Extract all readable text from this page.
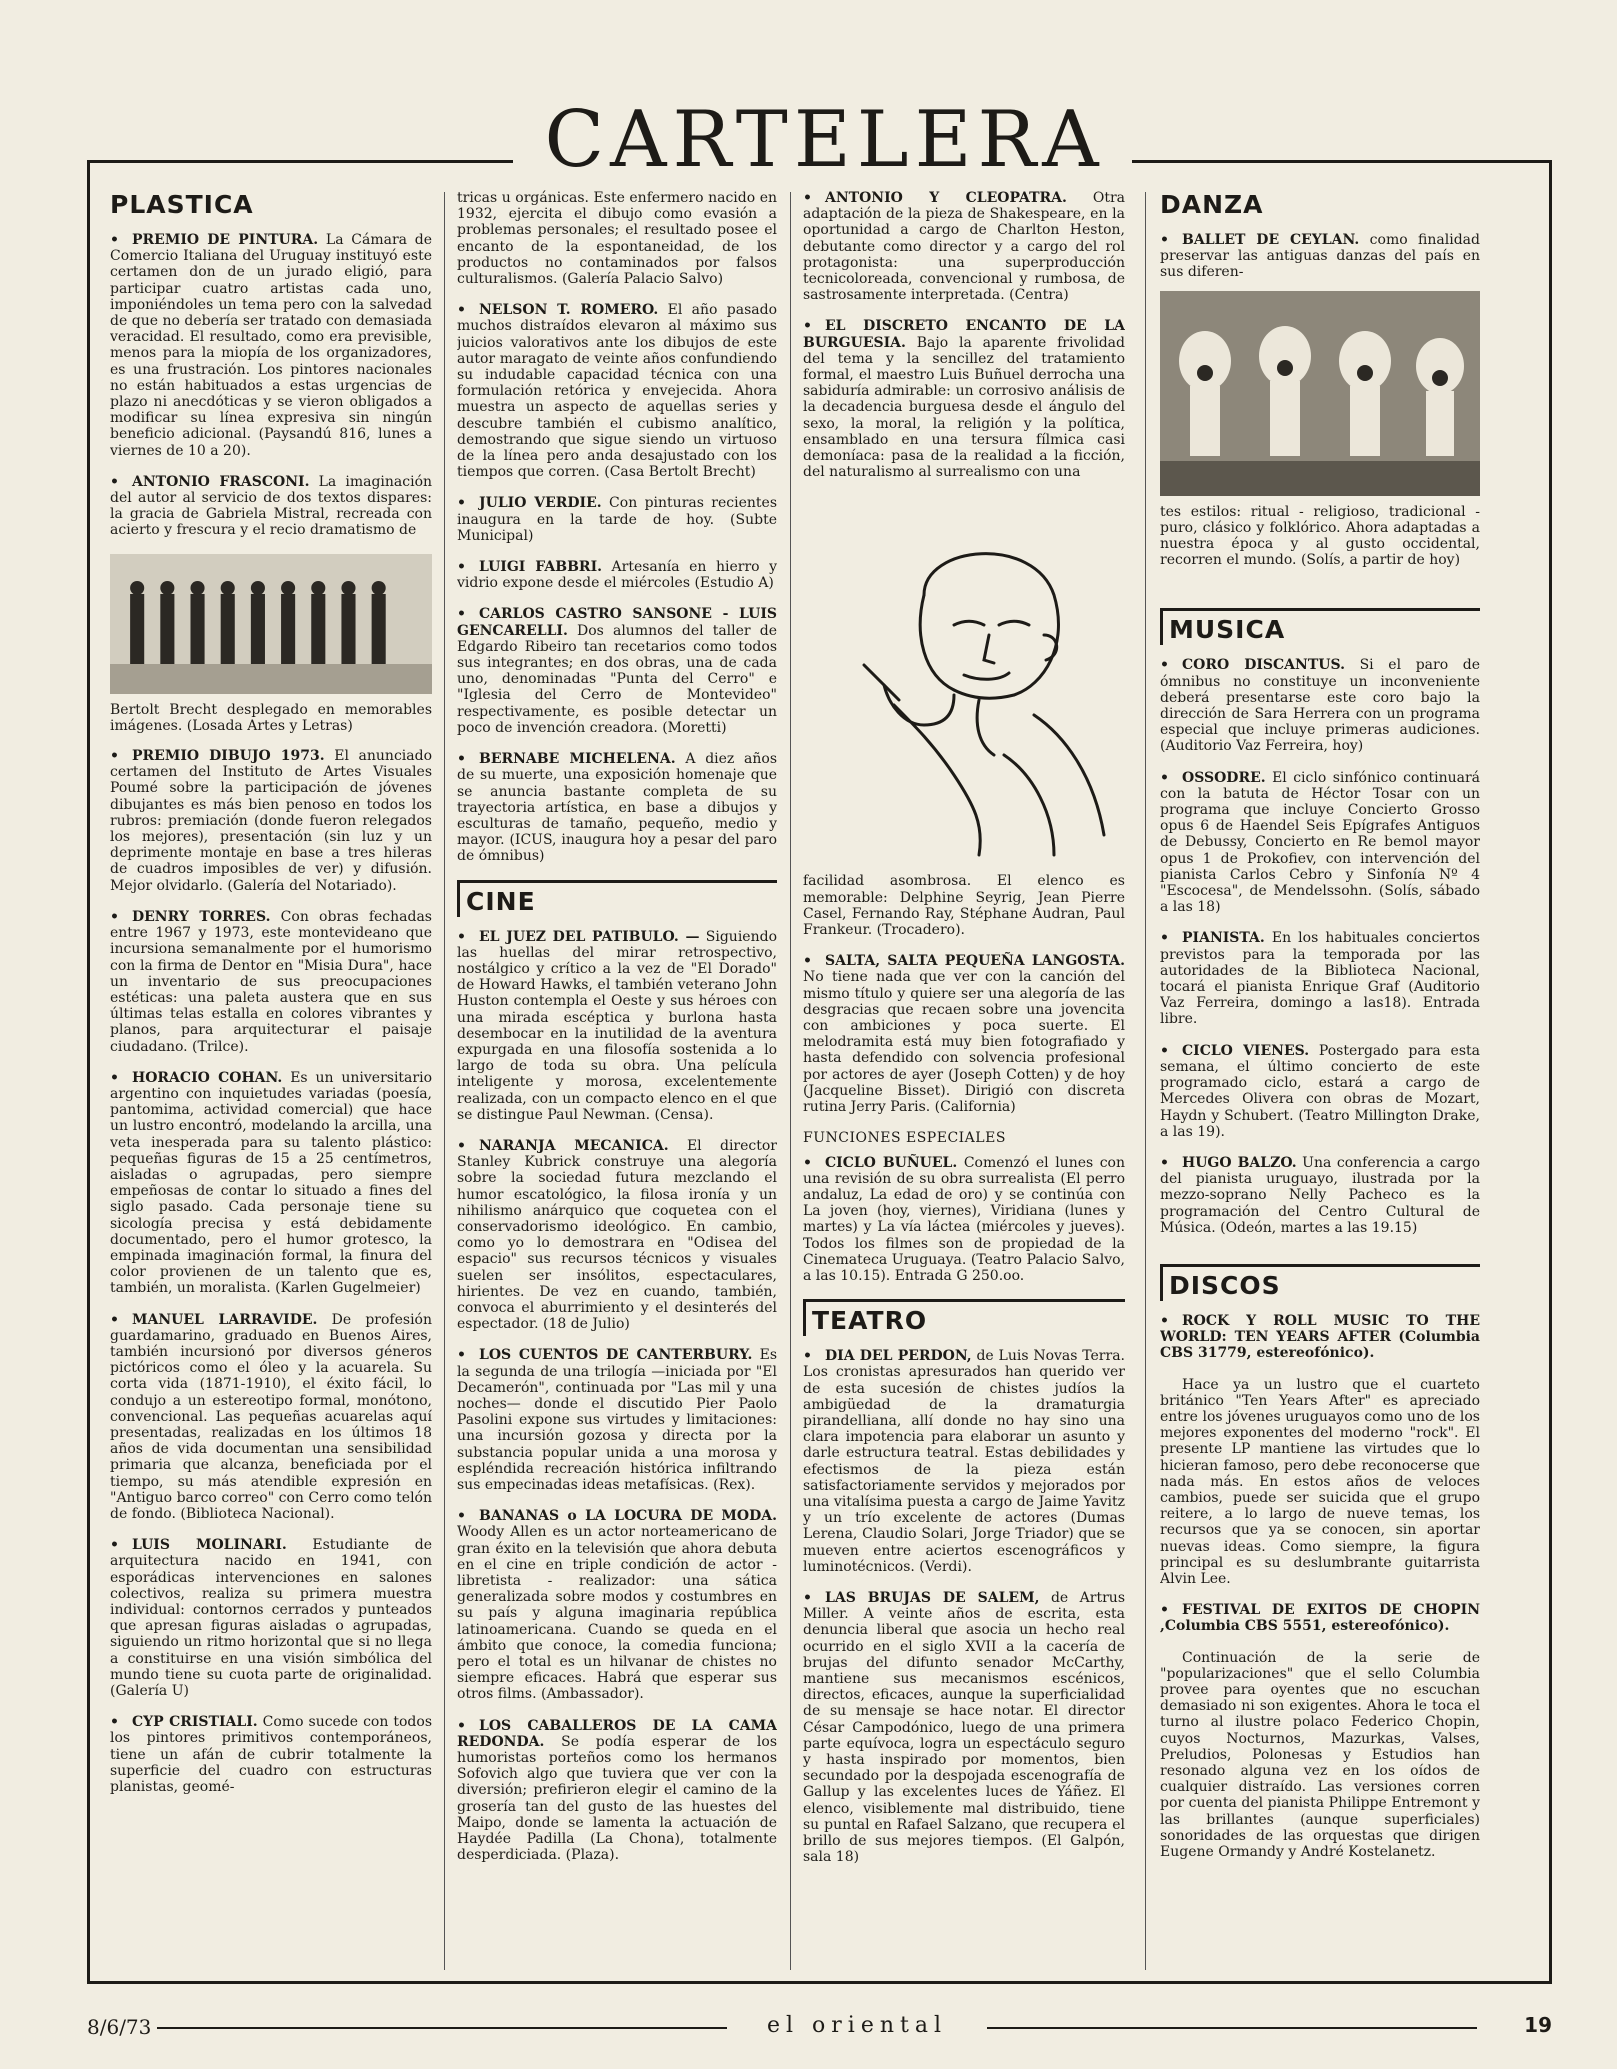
CARTELERA
PLASTICA
• PREMIO DE PINTURA. La Cámara de Comercio Italiana del Uruguay instituyó este certamen don de un jurado eligió, para participar cuatro artistas cada uno, imponiéndoles un tema pero con la salvedad de que no debería ser tratado con demasiada veracidad. El resultado, como era previsible, menos para la miopía de los organizadores, es una frustración. Los pintores nacionales no están habituados a estas urgencias de plazo ni anecdóticas y se vieron obligados a modificar su línea expresiva sin ningún beneficio adicional. (Paysandú 816, lunes a viernes de 10 a 20).
• ANTONIO FRASCONI. La imaginación del autor al servicio de dos textos dispares: la gracia de Gabriela Mistral, recreada con acierto y frescura y el recio dramatismo de
Bertolt Brecht desplegado en memorables imágenes. (Losada Artes y Letras)
• PREMIO DIBUJO 1973. El anunciado certamen del Instituto de Artes Visuales Poumé sobre la participación de jóvenes dibujantes es más bien penoso en todos los rubros: premiación (donde fueron relegados los mejores), presentación (sin luz y un deprimente montaje en base a tres hileras de cuadros imposibles de ver) y difusión. Mejor olvidarlo. (Galería del Notariado).
• DENRY TORRES. Con obras fechadas entre 1967 y 1973, este montevideano que incursiona semanalmente por el humorismo con la firma de Dentor en "Misia Dura", hace un inventario de sus preocupaciones estéticas: una paleta austera que en sus últimas telas estalla en colores vibrantes y planos, para arquitecturar el paisaje ciudadano. (Trilce).
• HORACIO COHAN. Es un universitario argentino con inquietudes variadas (poesía, pantomima, actividad comercial) que hace un lustro encontró, modelando la arcilla, una veta inesperada para su talento plástico: pequeñas figuras de 15 a 25 centímetros, aisladas o agrupadas, pero siempre empeñosas de contar lo situado a fines del siglo pasado. Cada personaje tiene su sicología precisa y está debidamente documentado, pero el humor grotesco, la empinada imaginación formal, la finura del color provienen de un talento que es, también, un moralista. (Karlen Gugelmeier)
• MANUEL LARRAVIDE. De profesión guardamarino, graduado en Buenos Aires, también incursionó por diversos géneros pictóricos como el óleo y la acuarela. Su corta vida (1871-1910), el éxito fácil, lo condujo a un estereotipo formal, monótono, convencional. Las pequeñas acuarelas aquí presentadas, realizadas en los últimos 18 años de vida documentan una sensibilidad primaria que alcanza, beneficiada por el tiempo, su más atendible expresión en "Antiguo barco correo" con Cerro como telón de fondo. (Biblioteca Nacional).
• LUIS MOLINARI. Estudiante de arquitectura nacido en 1941, con esporádicas intervenciones en salones colectivos, realiza su primera muestra individual: contornos cerrados y punteados que apresan figuras aisladas o agrupadas, siguiendo un ritmo horizontal que si no llega a constituirse en una visión simbólica del mundo tiene su cuota parte de originalidad. (Galería U)
• CYP CRISTIALI. Como sucede con todos los pintores primitivos contemporáneos, tiene un afán de cubrir totalmente la superficie del cuadro con estructuras planistas, geomé-
tricas u orgánicas. Este enfermero nacido en 1932, ejercita el dibujo como evasión a problemas personales; el resultado posee el encanto de la espontaneidad, de los productos no contaminados por falsos culturalismos. (Galería Palacio Salvo)
• NELSON T. ROMERO. El año pasado muchos distraídos elevaron al máximo sus juicios valorativos ante los dibujos de este autor maragato de veinte años confundiendo su indudable capacidad técnica con una formulación retórica y envejecida. Ahora muestra un aspecto de aquellas series y descubre también el cubismo analítico, demostrando que sigue siendo un virtuoso de la línea pero anda desajustado con los tiempos que corren. (Casa Bertolt Brecht)
• JULIO VERDIE. Con pinturas recientes inaugura en la tarde de hoy. (Subte Municipal)
• LUIGI FABBRI. Artesanía en hierro y vidrio expone desde el miércoles (Estudio A)
• CARLOS CASTRO SANSONE - LUIS GENCARELLI. Dos alumnos del taller de Edgardo Ribeiro tan recetarios como todos sus integrantes; en dos obras, una de cada uno, denominadas "Punta del Cerro" e "Iglesia del Cerro de Montevideo" respectivamente, es posible detectar un poco de invención creadora. (Moretti)
• BERNABE MICHELENA. A diez años de su muerte, una exposición homenaje que se anuncia bastante completa de su trayectoria artística, en base a dibujos y esculturas de tamaño, pequeño, medio y mayor. (ICUS, inaugura hoy a pesar del paro de ómnibus)
CINE
• EL JUEZ DEL PATIBULO. — Siguiendo las huellas del mirar retrospectivo, nostálgico y crítico a la vez de "El Dorado" de Howard Hawks, el también veterano John Huston contempla el Oeste y sus héroes con una mirada escéptica y burlona hasta desembocar en la inutilidad de la aventura expurgada en una filosofía sostenida a lo largo de toda su obra. Una película inteligente y morosa, excelentemente realizada, con un compacto elenco en el que se distingue Paul Newman. (Censa).
• NARANJA MECANICA. El director Stanley Kubrick construye una alegoría sobre la sociedad futura mezclando el humor escatológico, la filosa ironía y un nihilismo anárquico que coquetea con el conservadorismo ideológico. En cambio, como yo lo demostrara en "Odisea del espacio" sus recursos técnicos y visuales suelen ser insólitos, espectaculares, hirientes. De vez en cuando, también, convoca el aburrimiento y el desinterés del espectador. (18 de Julio)
• LOS CUENTOS DE CANTERBURY. Es la segunda de una trilogía —iniciada por "El Decamerón", continuada por "Las mil y una noches— donde el discutido Pier Paolo Pasolini expone sus virtudes y limitaciones: una incursión gozosa y directa por la substancia popular unida a una morosa y espléndida recreación histórica infiltrando sus empecinadas ideas metafísicas. (Rex).
• BANANAS o LA LOCURA DE MODA. Woody Allen es un actor norteamericano de gran éxito en la televisión que ahora debuta en el cine en triple condición de actor - libretista - realizador: una sática generalizada sobre modos y costumbres en su país y alguna imaginaria república latinoamericana. Cuando se queda en el ámbito que conoce, la comedia funciona; pero el total es un hilvanar de chistes no siempre eficaces. Habrá que esperar sus otros films. (Ambassador).
• LOS CABALLEROS DE LA CAMA REDONDA. Se podía esperar de los humoristas porteños como los hermanos Sofovich algo que tuviera que ver con la diversión; prefirieron elegir el camino de la grosería tan del gusto de las huestes del Maipo, donde se lamenta la actuación de Haydée Padilla (La Chona), totalmente desperdiciada. (Plaza).
• ANTONIO Y CLEOPATRA. Otra adaptación de la pieza de Shakespeare, en la oportunidad a cargo de Charlton Heston, debutante como director y a cargo del rol protagonista: una superproducción tecnicoloreada, convencional y rumbosa, de sastrosamente interpretada. (Centra)
• EL DISCRETO ENCANTO DE LA BURGUESIA. Bajo la aparente frivolidad del tema y la sencillez del tratamiento formal, el maestro Luis Buñuel derrocha una sabiduría admirable: un corrosivo análisis de la decadencia burguesa desde el ángulo del sexo, la moral, la religión y la política, ensamblado en una tersura fílmica casi demoníaca: pasa de la realidad a la ficción, del naturalismo al surrealismo con una
facilidad asombrosa. El elenco es memorable: Delphine Seyrig, Jean Pierre Casel, Fernando Ray, Stéphane Audran, Paul Frankeur. (Trocadero).
• SALTA, SALTA PEQUEÑA LANGOSTA. No tiene nada que ver con la canción del mismo título y quiere ser una alegoría de las desgracias que recaen sobre una jovencita con ambiciones y poca suerte. El melodramita está muy bien fotografiado y hasta defendido con solvencia profesional por actores de ayer (Joseph Cotten) y de hoy (Jacqueline Bisset). Dirigió con discreta rutina Jerry Paris. (California)
FUNCIONES ESPECIALES
• CICLO BUÑUEL. Comenzó el lunes con una revisión de su obra surrealista (El perro andaluz, La edad de oro) y se continúa con La joven (hoy, viernes), Viridiana (lunes y martes) y La vía láctea (miércoles y jueves). Todos los filmes son de propiedad de la Cinemateca Uruguaya. (Teatro Palacio Salvo, a las 10.15). Entrada G 250.oo.
TEATRO
• DIA DEL PERDON, de Luis Novas Terra. Los cronistas apresurados han querido ver de esta sucesión de chistes judíos la ambigüedad de la dramaturgia pirandelliana, allí donde no hay sino una clara impotencia para elaborar un asunto y darle estructura teatral. Estas debilidades y efectismos de la pieza están satisfactoriamente servidos y mejorados por una vitalísima puesta a cargo de Jaime Yavitz y un trío excelente de actores (Dumas Lerena, Claudio Solari, Jorge Triador) que se mueven entre aciertos escenográficos y luminotécnicos. (Verdi).
• LAS BRUJAS DE SALEM, de Artrus Miller. A veinte años de escrita, esta denuncia liberal que asocia un hecho real ocurrido en el siglo XVII a la cacería de brujas del difunto senador McCarthy, mantiene sus mecanismos escénicos, directos, eficaces, aunque la superficialidad de su mensaje se hace notar. El director César Campodónico, luego de una primera parte equívoca, logra un espectáculo seguro y hasta inspirado por momentos, bien secundado por la despojada escenografía de Gallup y las excelentes luces de Yáñez. El elenco, visiblemente mal distribuido, tiene su puntal en Rafael Salzano, que recupera el brillo de sus mejores tiempos. (El Galpón, sala 18)
DANZA
• BALLET DE CEYLAN. como finalidad preservar las antiguas danzas del país en sus diferen-
tes estilos: ritual - religioso, tradicional - puro, clásico y folklórico. Ahora adaptadas a nuestra época y al gusto occidental, recorren el mundo. (Solís, a partir de hoy)
MUSICA
• CORO DISCANTUS. Si el paro de ómnibus no constituye un inconveniente deberá presentarse este coro bajo la dirección de Sara Herrera con un programa especial que incluye primeras audiciones. (Auditorio Vaz Ferreira, hoy)
• OSSODRE. El ciclo sinfónico continuará con la batuta de Héctor Tosar con un programa que incluye Concierto Grosso opus 6 de Haendel Seis Epígrafes Antiguos de Debussy, Concierto en Re bemol mayor opus 1 de Prokofiev, con intervención del pianista Carlos Cebro y Sinfonía Nº 4 "Escocesa", de Mendelssohn. (Solís, sábado a las 18)
• PIANISTA. En los habituales conciertos previstos para la temporada por las autoridades de la Biblioteca Nacional, tocará el pianista Enrique Graf (Auditorio Vaz Ferreira, domingo a las18). Entrada libre.
• CICLO VIENES. Postergado para esta semana, el último concierto de este programado ciclo, estará a cargo de Mercedes Olivera con obras de Mozart, Haydn y Schubert. (Teatro Millington Drake, a las 19).
• HUGO BALZO. Una conferencia a cargo del pianista uruguayo, ilustrada por la mezzo-soprano Nelly Pacheco es la programación del Centro Cultural de Música. (Odeón, martes a las 19.15)
DISCOS
• ROCK Y ROLL MUSIC TO THE WORLD: TEN YEARS AFTER (Columbia CBS 31779, estereofónico).
Hace ya un lustro que el cuarteto británico "Ten Years After" es apreciado entre los jóvenes uruguayos como uno de los mejores exponentes del moderno "rock". El presente LP mantiene las virtudes que lo hicieran famoso, pero debe reconocerse que nada más. En estos años de veloces cambios, puede ser suicida que el grupo reitere, a lo largo de nueve temas, los recursos que ya se conocen, sin aportar nuevas ideas. Como siempre, la figura principal es su deslumbrante guitarrista Alvin Lee.
• FESTIVAL DE EXITOS DE CHOPIN ,Columbia CBS 5551, estereofónico).
Continuación de la serie de "popularizaciones" que el sello Columbia provee para oyentes que no escuchan demasiado ni son exigentes. Ahora le toca el turno al ilustre polaco Federico Chopin, cuyos Nocturnos, Mazurkas, Valses, Preludios, Polonesas y Estudios han resonado alguna vez en los oídos de cualquier distraído. Las versiones corren por cuenta del pianista Philippe Entremont y las brillantes (aunque superficiales) sonoridades de las orquestas que dirigen Eugene Ormandy y André Kostelanetz.
8/6/73	el oriental	19
